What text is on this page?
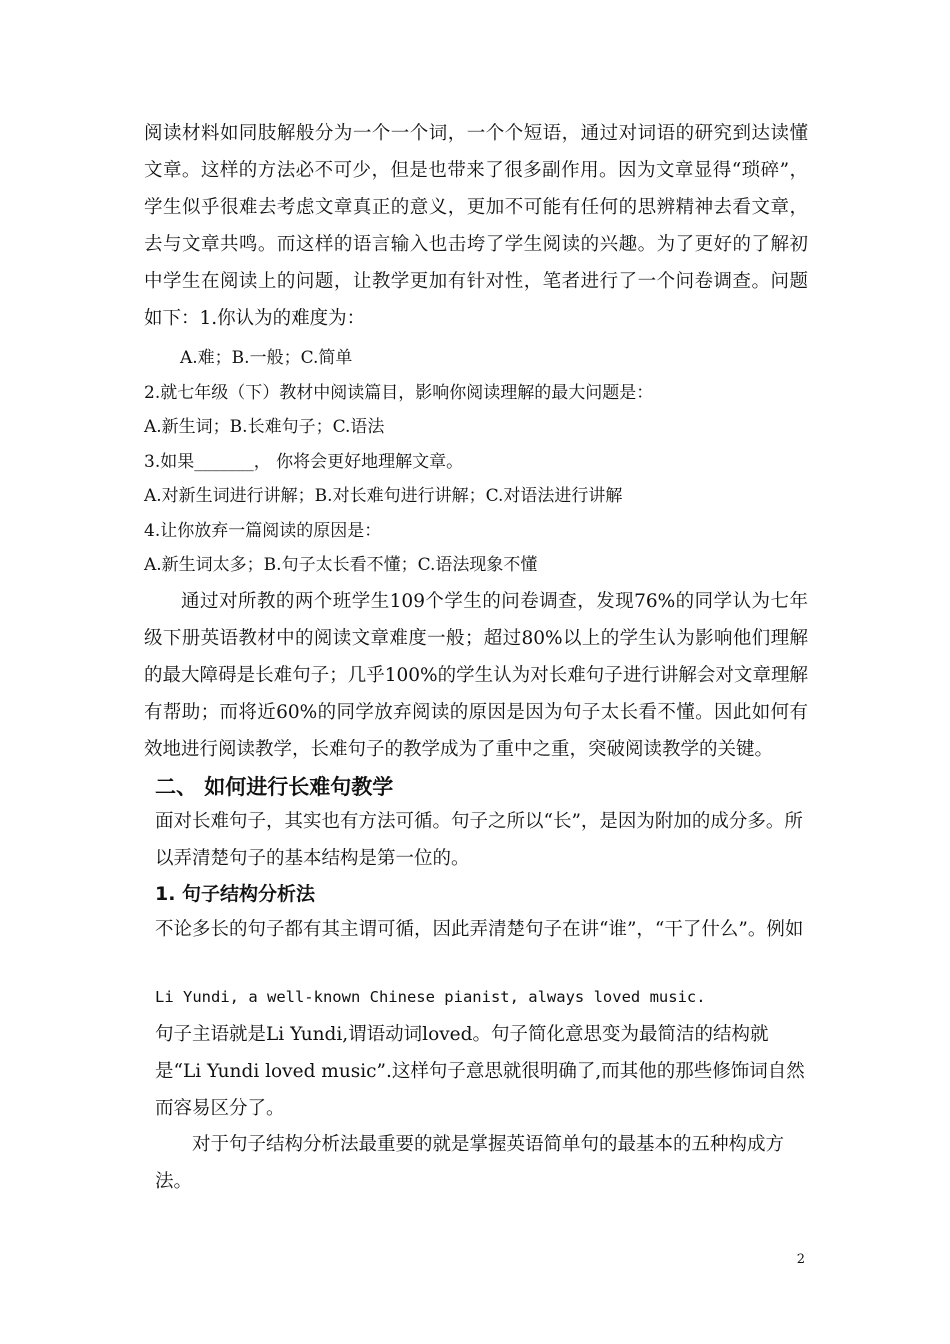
阅读材料如同肢解般分为一个一个词，一个个短语，通过对词语的研究到达读懂文章。这样的方法必不可少，但是也带来了很多副作用。因为文章显得“琐碎”，学生似乎很难去考虑文章真正的意义，更加不可能有任何的思辨精神去看文章，去与文章共鸣。而这样的语言输入也击垮了学生阅读的兴趣。为了更好的了解初中学生在阅读上的问题，让教学更加有针对性，笔者进行了一个问卷调查。问题如下：1.你认为的难度为：
A.难；B.一般；C.简单
2.就七年级（下）教材中阅读篇目，影响你阅读理解的最大问题是：
A.新生词；B.长难句子；C.语法
3.如果_______， 你将会更好地理解文章。
A.对新生词进行讲解；B.对长难句进行讲解；C.对语法进行讲解
4.让你放弃一篇阅读的原因是：
A.新生词太多；B.句子太长看不懂；C.语法现象不懂
通过对所教的两个班学生109个学生的问卷调查，发现76%的同学认为七年级下册英语教材中的阅读文章难度一般；超过80%以上的学生认为影响他们理解的最大障碍是长难句子；几乎100%的学生认为对长难句子进行讲解会对文章理解有帮助；而将近60%的同学放弃阅读的原因是因为句子太长看不懂。因此如何有效地进行阅读教学，长难句子的教学成为了重中之重，突破阅读教学的关键。
二、 如何进行长难句教学
面对长难句子，其实也有方法可循。句子之所以“长”，是因为附加的成分多。所以弄清楚句子的基本结构是第一位的。
1. 句子结构分析法
不论多长的句子都有其主谓可循，因此弄清楚句子在讲“谁”，“干了什么”。例如
Li Yundi, a well-known Chinese pianist, always loved music.
句子主语就是Li Yundi,谓语动词loved。句子简化意思变为最简洁的结构就是“Li Yundi loved music”.这样句子意思就很明确了,而其他的那些修饰词自然而容易区分了。
对于句子结构分析法最重要的就是掌握英语简单句的最基本的五种构成方法。
2
